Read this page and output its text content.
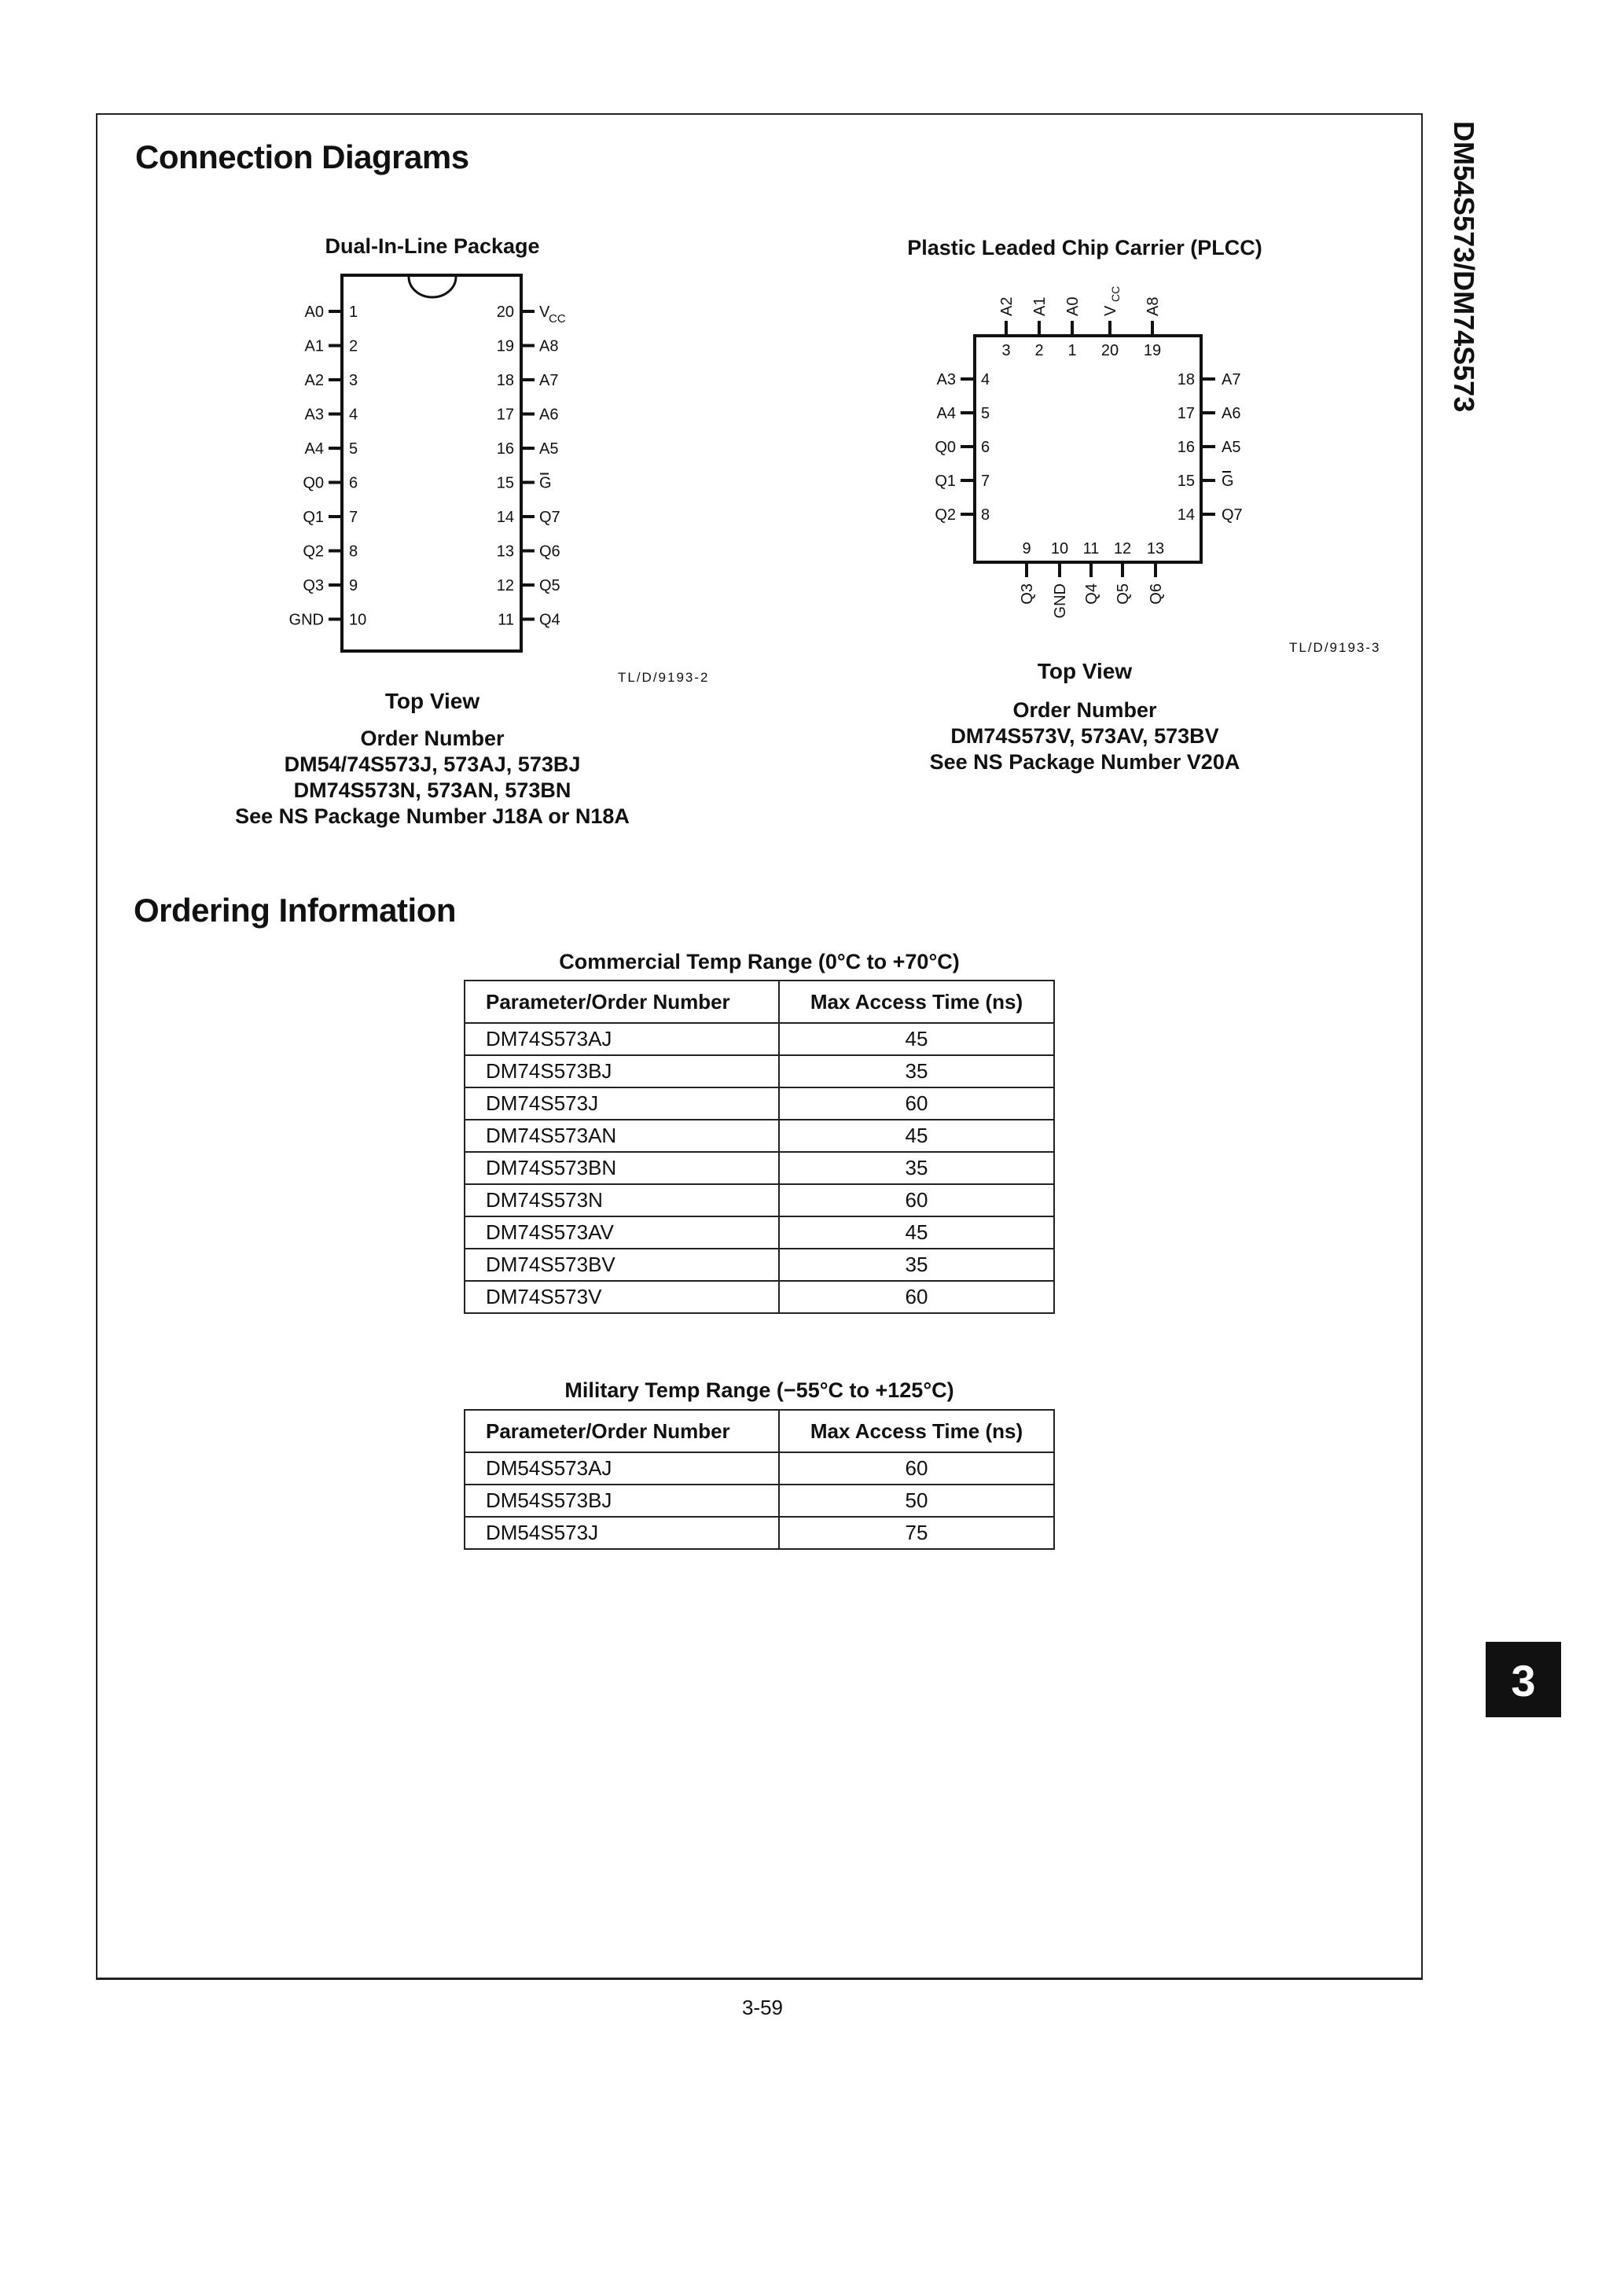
DM54S573/DM74S573
Connection Diagrams
Dual-In-Line Package
A0 1	20 V
CC
A1 2	19 A8
A2 3	18 A7
A3 4	17 A6
A4 5	16 A5
Q0 6	15 G
Q1 7	14 Q7
Q2 8	13 Q6
Q3 9	12 Q5
GND 10	11 Q4
TL/D/9193-2
Top View
Order Number
DM54/74S573J, 573AJ, 573BJ
DM74S573N, 573AN, 573BN
See NS Package Number J18A or N18A
Plastic Leaded Chip Carrier (PLCC)
3
A2
2
A1
1
A0
20
V
CC
19
A8
A3 4	18 A7
A4 5	17 A6
Q0 6	16 A5
Q1 7	15 G
Q2 8	14 Q7
9
Q3
10
GND
11
Q4
12
Q5
13
Q6
TL/D/9193-3
Top View
Order Number
DM74S573V, 573AV, 573BV
See NS Package Number V20A
Ordering Information
Commercial Temp Range (0°C to +70°C)
Parameter/Order Number	Max Access Time (ns)
DM74S573AJ	45
DM74S573BJ	35
DM74S573J	60
DM74S573AN	45
DM74S573BN	35
DM74S573N	60
DM74S573AV	45
DM74S573BV	35
DM74S573V	60
Military Temp Range (−55°C to +125°C)
Parameter/Order Number	Max Access Time (ns)
DM54S573AJ	60
DM54S573BJ	50
DM54S573J	75
3
3-59
